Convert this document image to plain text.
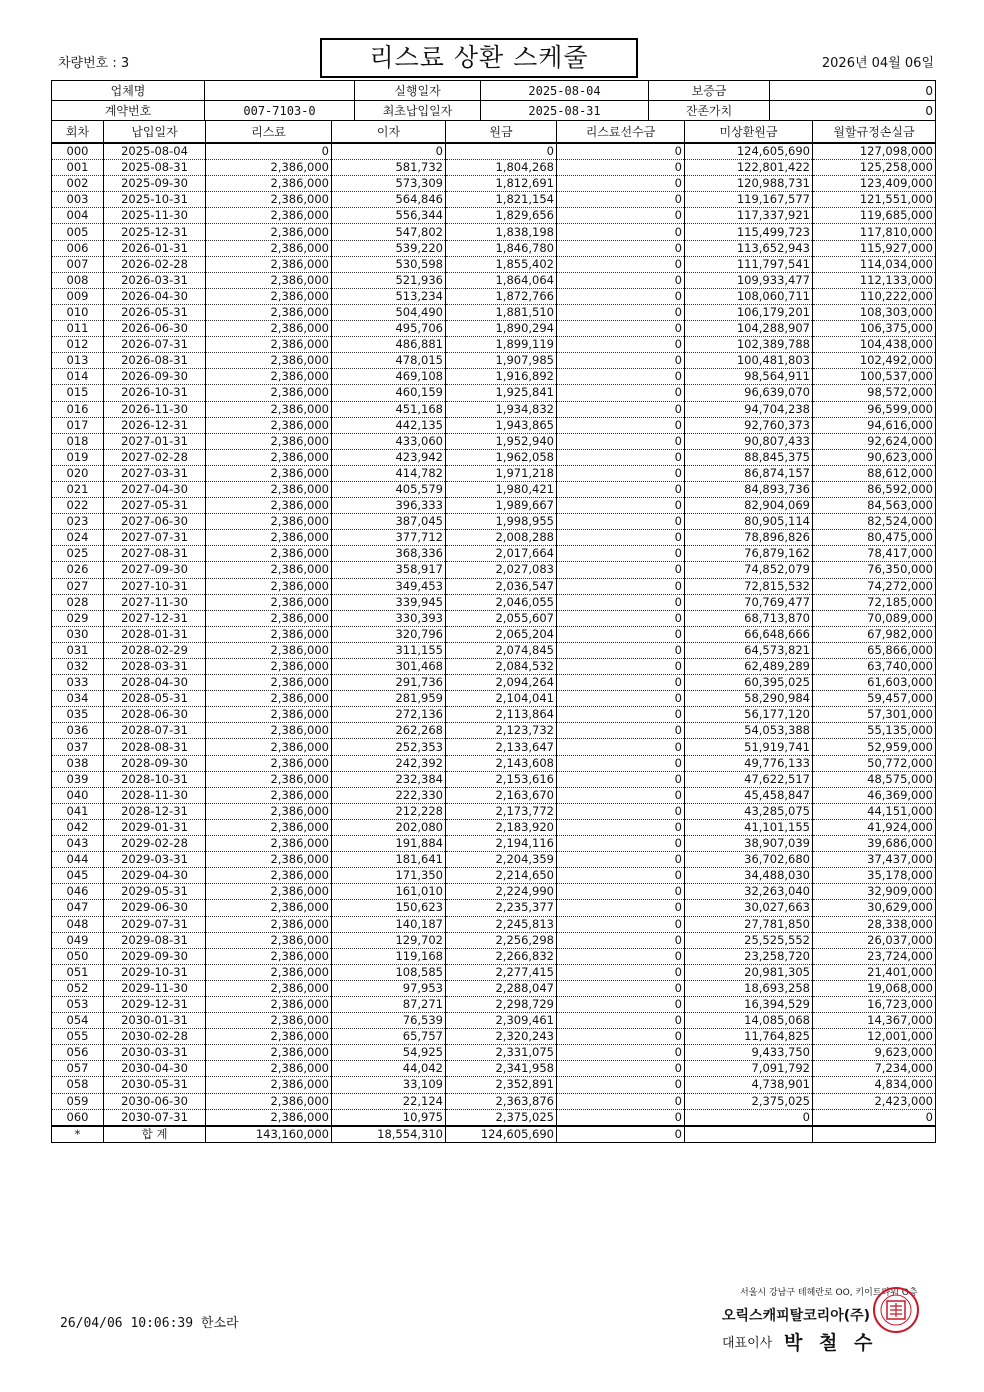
차량번호 : 3	리스료 상환 스케줄	2026년 04월 06일
업체명		실행일자	2025-08-04	보증금	0
계약번호	007-7103-0	최초납입일자	2025-08-31	잔존가치	0
회차	납입일자	리스료	이자	원금	리스료선수금	미상환원금	월할규정손실금
000	2025-08-04	0	0	0	0	124,605,690	127,098,000
001	2025-08-31	2,386,000	581,732	1,804,268	0	122,801,422	125,258,000
002	2025-09-30	2,386,000	573,309	1,812,691	0	120,988,731	123,409,000
003	2025-10-31	2,386,000	564,846	1,821,154	0	119,167,577	121,551,000
004	2025-11-30	2,386,000	556,344	1,829,656	0	117,337,921	119,685,000
005	2025-12-31	2,386,000	547,802	1,838,198	0	115,499,723	117,810,000
006	2026-01-31	2,386,000	539,220	1,846,780	0	113,652,943	115,927,000
007	2026-02-28	2,386,000	530,598	1,855,402	0	111,797,541	114,034,000
008	2026-03-31	2,386,000	521,936	1,864,064	0	109,933,477	112,133,000
009	2026-04-30	2,386,000	513,234	1,872,766	0	108,060,711	110,222,000
010	2026-05-31	2,386,000	504,490	1,881,510	0	106,179,201	108,303,000
011	2026-06-30	2,386,000	495,706	1,890,294	0	104,288,907	106,375,000
012	2026-07-31	2,386,000	486,881	1,899,119	0	102,389,788	104,438,000
013	2026-08-31	2,386,000	478,015	1,907,985	0	100,481,803	102,492,000
014	2026-09-30	2,386,000	469,108	1,916,892	0	98,564,911	100,537,000
015	2026-10-31	2,386,000	460,159	1,925,841	0	96,639,070	98,572,000
016	2026-11-30	2,386,000	451,168	1,934,832	0	94,704,238	96,599,000
017	2026-12-31	2,386,000	442,135	1,943,865	0	92,760,373	94,616,000
018	2027-01-31	2,386,000	433,060	1,952,940	0	90,807,433	92,624,000
019	2027-02-28	2,386,000	423,942	1,962,058	0	88,845,375	90,623,000
020	2027-03-31	2,386,000	414,782	1,971,218	0	86,874,157	88,612,000
021	2027-04-30	2,386,000	405,579	1,980,421	0	84,893,736	86,592,000
022	2027-05-31	2,386,000	396,333	1,989,667	0	82,904,069	84,563,000
023	2027-06-30	2,386,000	387,045	1,998,955	0	80,905,114	82,524,000
024	2027-07-31	2,386,000	377,712	2,008,288	0	78,896,826	80,475,000
025	2027-08-31	2,386,000	368,336	2,017,664	0	76,879,162	78,417,000
026	2027-09-30	2,386,000	358,917	2,027,083	0	74,852,079	76,350,000
027	2027-10-31	2,386,000	349,453	2,036,547	0	72,815,532	74,272,000
028	2027-11-30	2,386,000	339,945	2,046,055	0	70,769,477	72,185,000
029	2027-12-31	2,386,000	330,393	2,055,607	0	68,713,870	70,089,000
030	2028-01-31	2,386,000	320,796	2,065,204	0	66,648,666	67,982,000
031	2028-02-29	2,386,000	311,155	2,074,845	0	64,573,821	65,866,000
032	2028-03-31	2,386,000	301,468	2,084,532	0	62,489,289	63,740,000
033	2028-04-30	2,386,000	291,736	2,094,264	0	60,395,025	61,603,000
034	2028-05-31	2,386,000	281,959	2,104,041	0	58,290,984	59,457,000
035	2028-06-30	2,386,000	272,136	2,113,864	0	56,177,120	57,301,000
036	2028-07-31	2,386,000	262,268	2,123,732	0	54,053,388	55,135,000
037	2028-08-31	2,386,000	252,353	2,133,647	0	51,919,741	52,959,000
038	2028-09-30	2,386,000	242,392	2,143,608	0	49,776,133	50,772,000
039	2028-10-31	2,386,000	232,384	2,153,616	0	47,622,517	48,575,000
040	2028-11-30	2,386,000	222,330	2,163,670	0	45,458,847	46,369,000
041	2028-12-31	2,386,000	212,228	2,173,772	0	43,285,075	44,151,000
042	2029-01-31	2,386,000	202,080	2,183,920	0	41,101,155	41,924,000
043	2029-02-28	2,386,000	191,884	2,194,116	0	38,907,039	39,686,000
044	2029-03-31	2,386,000	181,641	2,204,359	0	36,702,680	37,437,000
045	2029-04-30	2,386,000	171,350	2,214,650	0	34,488,030	35,178,000
046	2029-05-31	2,386,000	161,010	2,224,990	0	32,263,040	32,909,000
047	2029-06-30	2,386,000	150,623	2,235,377	0	30,027,663	30,629,000
048	2029-07-31	2,386,000	140,187	2,245,813	0	27,781,850	28,338,000
049	2029-08-31	2,386,000	129,702	2,256,298	0	25,525,552	26,037,000
050	2029-09-30	2,386,000	119,168	2,266,832	0	23,258,720	23,724,000
051	2029-10-31	2,386,000	108,585	2,277,415	0	20,981,305	21,401,000
052	2029-11-30	2,386,000	97,953	2,288,047	0	18,693,258	19,068,000
053	2029-12-31	2,386,000	87,271	2,298,729	0	16,394,529	16,723,000
054	2030-01-31	2,386,000	76,539	2,309,461	0	14,085,068	14,367,000
055	2030-02-28	2,386,000	65,757	2,320,243	0	11,764,825	12,001,000
056	2030-03-31	2,386,000	54,925	2,331,075	0	9,433,750	9,623,000
057	2030-04-30	2,386,000	44,042	2,341,958	0	7,091,792	7,234,000
058	2030-05-31	2,386,000	33,109	2,352,891	0	4,738,901	4,834,000
059	2030-06-30	2,386,000	22,124	2,363,876	0	2,375,025	2,423,000
060	2030-07-31	2,386,000	10,975	2,375,025	0	0	0
*	합 계	143,160,000	18,554,310	124,605,690	0		
26/04/06 10:06:39 한소라
서울시 강남구 테헤란로 OO, 키이트타워 O층
오릭스캐피탈코리아(주)
대표이사 박 철 수
